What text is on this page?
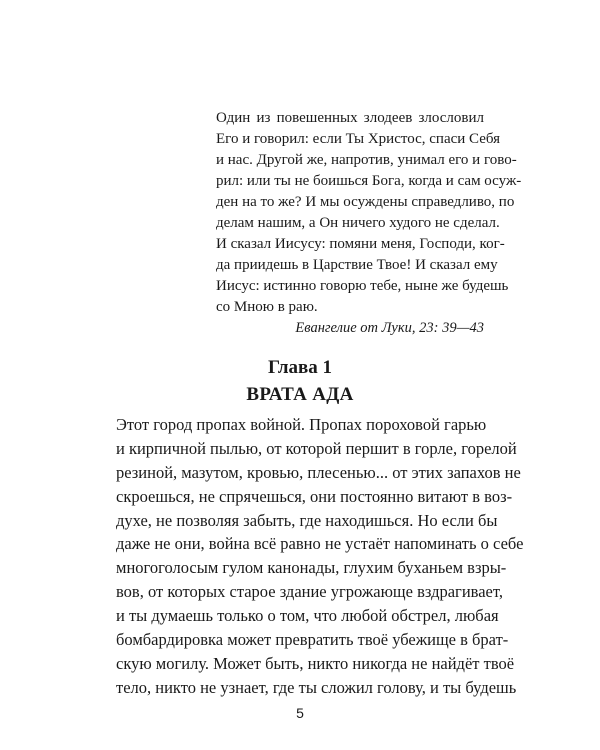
Один из повешенных злодеев злословил
Его и говорил: если Ты Христос, спаси Себя
и нас. Другой же, напротив, унимал его и гово-
рил: или ты не боишься Бога, когда и сам осуж-
ден на то же? И мы осуждены справедливо, по
делам нашим, а Он ничего худого не сделал.
И сказал Иисусу: помяни меня, Господи, ког-
да приидешь в Царствие Твое! И сказал ему
Иисус: истинно говорю тебе, ныне же будешь
со Мною в раю.
Евангелие от Луки, 23: 39—43
Глава 1
ВРАТА АДА
Этот город пропах войной. Пропах пороховой гарью
и кирпичной пылью, от которой першит в горле, горелой
резиной, мазутом, кровью, плесенью... от этих запахов не
скроешься, не спрячешься, они постоянно витают в воз-
духе, не позволяя забыть, где находишься. Но если бы
даже не они, война всё равно не устаёт напоминать о себе
многоголосым гулом канонады, глухим буханьем взры-
вов, от которых старое здание угрожающе вздрагивает,
и ты думаешь только о том, что любой обстрел, любая
бомбардировка может превратить твоё убежище в брат-
скую могилу. Может быть, никто никогда не найдёт твоё
тело, никто не узнает, где ты сложил голову, и ты будешь
5
